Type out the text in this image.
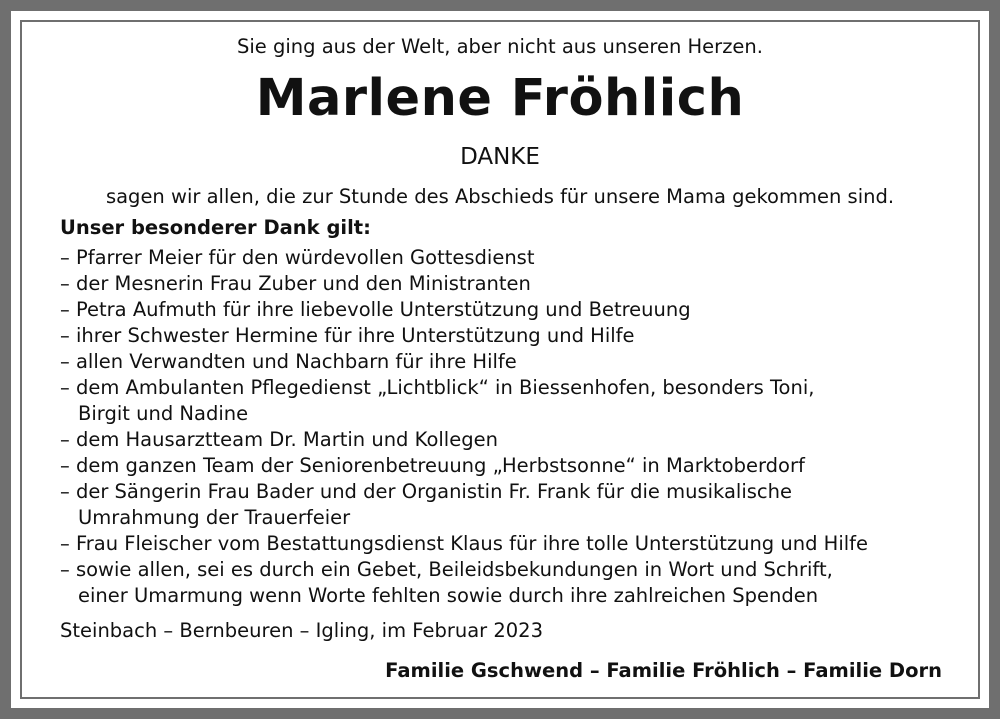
Sie ging aus der Welt, aber nicht aus unseren Herzen.
Marlene Fröhlich
DANKE
sagen wir allen, die zur Stunde des Abschieds für unsere Mama gekommen sind.
Unser besonderer Dank gilt:
– Pfarrer Meier für den würdevollen Gottesdienst
– der Mesnerin Frau Zuber und den Ministranten
– Petra Aufmuth für ihre liebevolle Unterstützung und Betreuung
– ihrer Schwester Hermine für ihre Unterstützung und Hilfe
– allen Verwandten und Nachbarn für ihre Hilfe
– dem Ambulanten Pflegedienst „Lichtblick“ in Biessenhofen, besonders Toni,
Birgit und Nadine
– dem Hausarztteam Dr. Martin und Kollegen
– dem ganzen Team der Seniorenbetreuung „Herbstsonne“ in Marktoberdorf
– der Sängerin Frau Bader und der Organistin Fr. Frank für die musikalische
Umrahmung der Trauerfeier
– Frau Fleischer vom Bestattungsdienst Klaus für ihre tolle Unterstützung und Hilfe
– sowie allen, sei es durch ein Gebet, Beileidsbekundungen in Wort und Schrift,
einer Umarmung wenn Worte fehlten sowie durch ihre zahlreichen Spenden
Steinbach – Bernbeuren – Igling, im Februar 2023
Familie Gschwend – Familie Fröhlich – Familie Dorn
